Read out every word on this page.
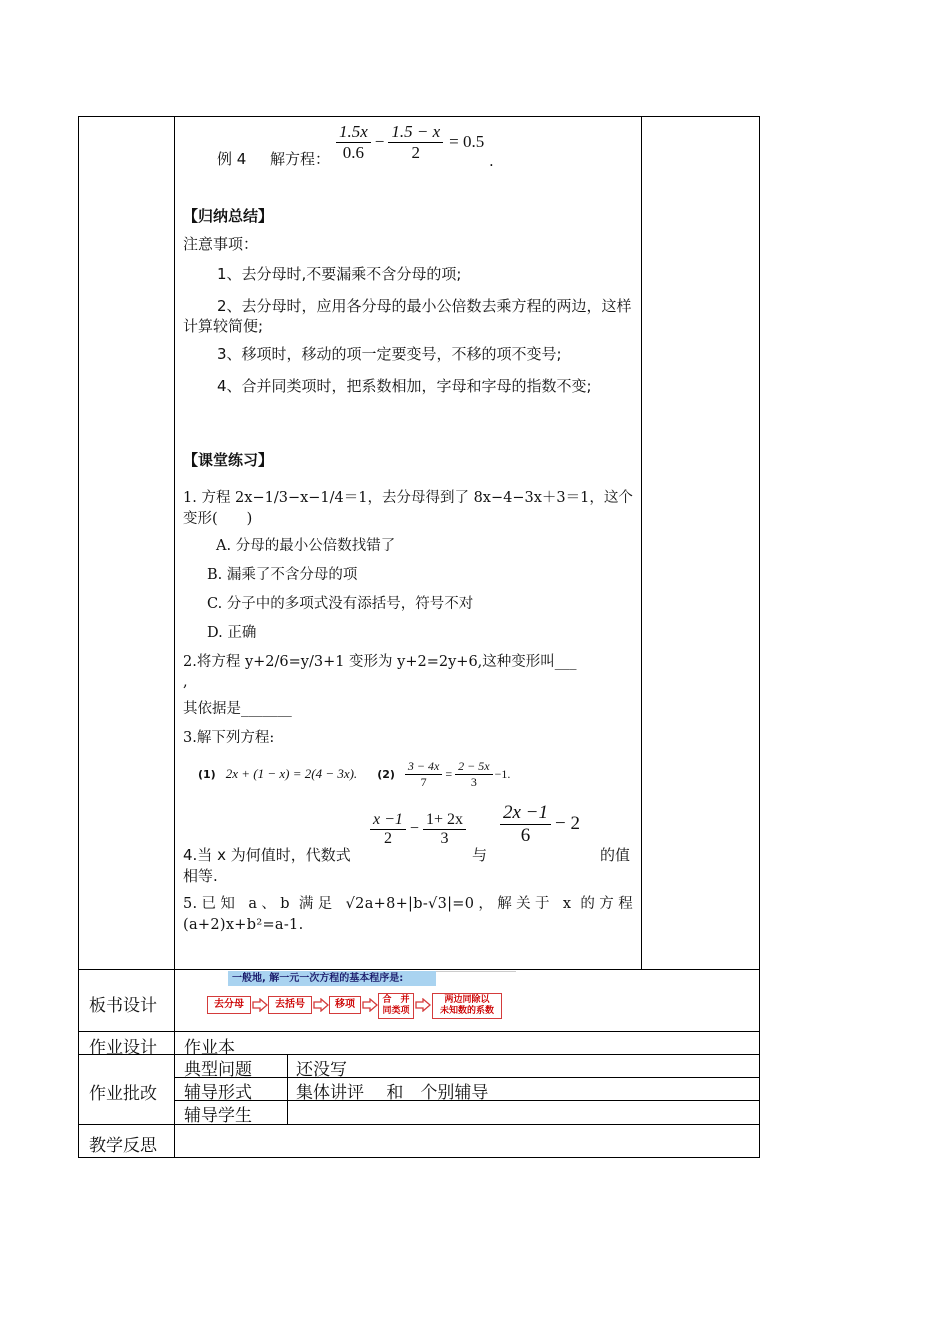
例 4 解方程： $\frac{1.5x}{0.6} - \frac{1.5 - x}{2} = 0.5$
.
【归纳总结】
注意事项：
1、去分母时,不要漏乘不含分母的项;
2、去分母时，应用各分母的最小公倍数去乘方程的两边，这样计算较简便;
3、移项时，移动的项一定要变号，不移的项不变号;
4、合并同类项时，把系数相加，字母和字母的指数不变;
【课堂练习】
1. 方程 2x−1/3−x−1/4＝1，去分母得到了 8x−4−3x＋3＝1，这个变形(　　)
A. 分母的最小公倍数找错了
B. 漏乘了不含分母的项
C. 分子中的多项式没有添括号，符号不对
D. 正确
2.将方程 y+2/6=y/3+1 变形为 y+2=2y+6,这种变形叫___
,
其依据是_______
3.解下列方程:
(1) 2x + (1 − x) = 2(4 − 3x). $(2) \frac{3 - 4x}{7} = \frac{2 - 5x}{3} -1$.
4.当 x 为何值时，代数式
$\frac{x -1}{2} - \frac{1+ 2x}{3}$
与
$\frac{2x -1}{6} - 2$
的值
相等.
5.已知 a、b 满足 √2a+8+|b-√3|=0，解关于 x 的方程(a+2)x+b²=a-1.
板书设计
一般地, 解一元一次方程的基本程序是:
去分母	去括号	移项	合　并
同类项
两边同除以
未知数的系数
作业设计 作业本
作业批改
典型问题	还没写
辅导形式	集体讲评　 和　个别辅导
辅导学生
教学反思
